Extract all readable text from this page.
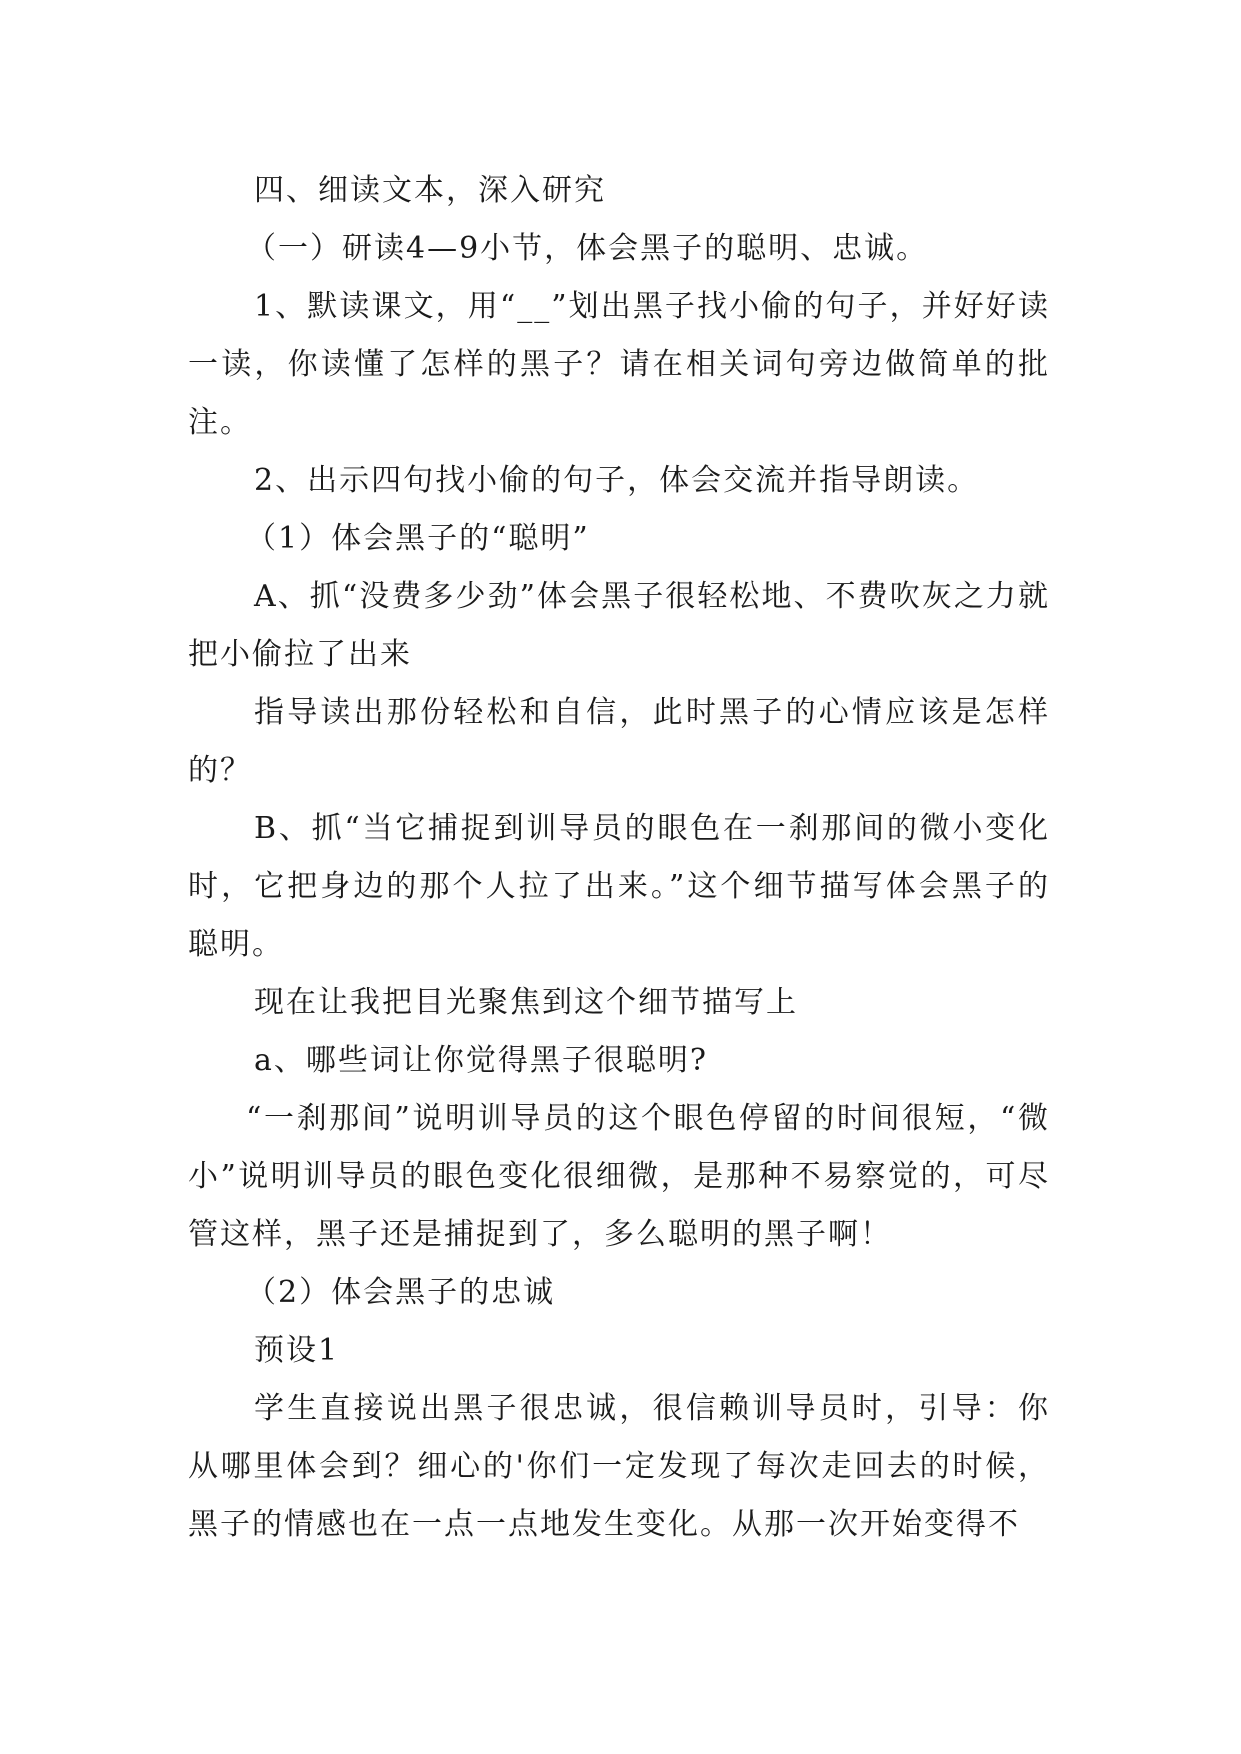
四、细读文本，深入研究

（一）研读4—9小节，体会黑子的聪明、忠诚。

1、默读课文，用“__”划出黑子找小偷的句子，并好好读一读，你读懂了怎样的黑子？请在相关词句旁边做简单的批注。

2、出示四句找小偷的句子，体会交流并指导朗读。

（1）体会黑子的“聪明”

A、抓“没费多少劲”体会黑子很轻松地、不费吹灰之力就把小偷拉了出来

指导读出那份轻松和自信，此时黑子的心情应该是怎样的？

B、抓“当它捕捉到训导员的眼色在一刹那间的微小变化时，它把身边的那个人拉了出来。”这个细节描写体会黑子的聪明。

现在让我把目光聚焦到这个细节描写上

a、哪些词让你觉得黑子很聪明?

“一刹那间”说明训导员的这个眼色停留的时间很短，“微小”说明训导员的眼色变化很细微，是那种不易察觉的，可尽管这样，黑子还是捕捉到了，多么聪明的黑子啊！

（2）体会黑子的忠诚

预设1

学生直接说出黑子很忠诚，很信赖训导员时，引导：你从哪里体会到？细心的'你们一定发现了每次走回去的时候，黑子的情感也在一点一点地发生变化。从那一次开始变得不
